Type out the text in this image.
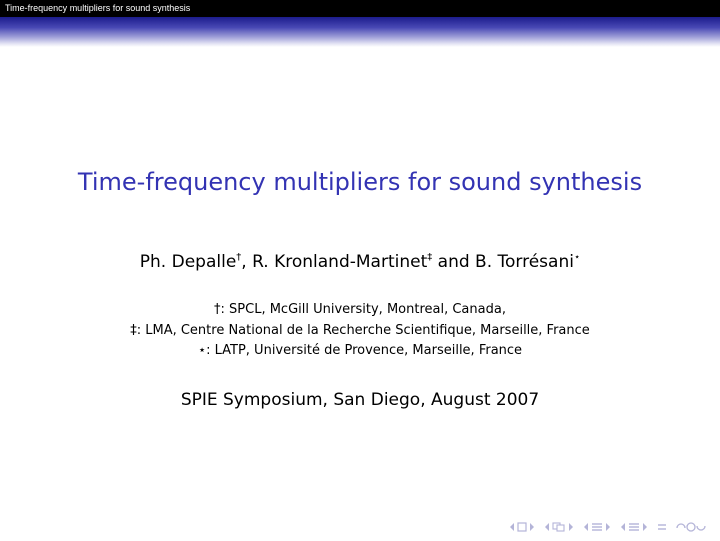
Time-frequency multipliers for sound synthesis
Time-frequency multipliers for sound synthesis
Ph. Depalle†, R. Kronland-Martinet‡ and B. Torrésani⋆
†: SPCL, McGill University, Montreal, Canada,
‡: LMA, Centre National de la Recherche Scientifique, Marseille, France
⋆: LATP, Université de Provence, Marseille, France
SPIE Symposium, San Diego, August 2007
